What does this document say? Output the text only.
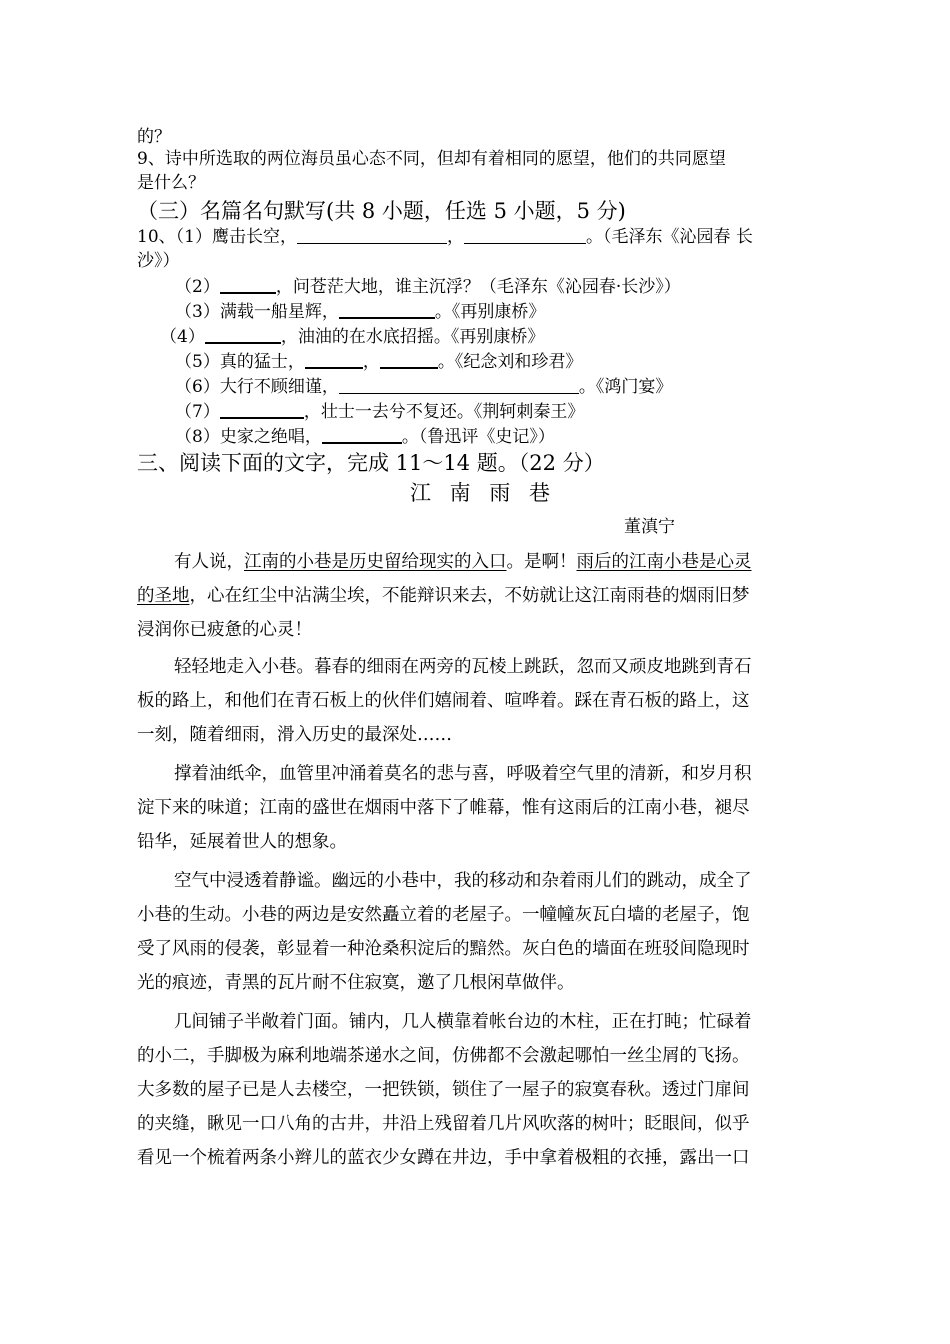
的？
9、诗中所选取的两位海员虽心态不同，但却有着相同的愿望，他们的共同愿望
是什么？
（三）名篇名句默写(共 8 小题，任选 5 小题，5 分)
10、（1）鹰击长空，	，	。（毛泽东《沁园春 长
沙》）
（2）	，问苍茫大地，谁主沉浮？（毛泽东《沁园春·长沙》）
（3）满载一船星辉，	。《再别康桥》
（4）	，油油的在水底招摇。《再别康桥》
（5）真的猛士，	，	。《纪念刘和珍君》
（6）大行不顾细谨，	。《鸿门宴》
（7）	，壮士一去兮不复还。《荆轲刺秦王》
（8）史家之绝唱，	。（鲁迅评《史记》）
三、阅读下面的文字，完成 11～14 题。（22 分）
江 南 雨 巷
董滇宁
有人说，江南的小巷是历史留给现实的入口。是啊！雨后的江南小巷是心灵
的圣地，心在红尘中沾满尘埃，不能辩识来去，不妨就让这江南雨巷的烟雨旧梦
浸润你已疲惫的心灵！
轻轻地走入小巷。暮春的细雨在两旁的瓦棱上跳跃，忽而又顽皮地跳到青石
板的路上，和他们在青石板上的伙伴们嬉闹着、喧哗着。踩在青石板的路上，这
一刻，随着细雨，滑入历史的最深处……
撑着油纸伞，血管里冲涌着莫名的悲与喜，呼吸着空气里的清新，和岁月积
淀下来的味道；江南的盛世在烟雨中落下了帷幕，惟有这雨后的江南小巷，褪尽
铅华，延展着世人的想象。
空气中浸透着静谧。幽远的小巷中，我的移动和杂着雨儿们的跳动，成全了
小巷的生动。小巷的两边是安然矗立着的老屋子。一幢幢灰瓦白墙的老屋子，饱
受了风雨的侵袭，彰显着一种沧桑积淀后的黯然。灰白色的墙面在班驳间隐现时
光的痕迹，青黑的瓦片耐不住寂寞，邀了几根闲草做伴。
几间铺子半敞着门面。铺内，几人横靠着帐台边的木柱，正在打盹；忙碌着
的小二，手脚极为麻利地端茶递水之间，仿佛都不会激起哪怕一丝尘屑的飞扬。
大多数的屋子已是人去楼空，一把铁锁，锁住了一屋子的寂寞春秋。透过门扉间
的夹缝，瞅见一口八角的古井，井沿上残留着几片风吹落的树叶；眨眼间，似乎
看见一个梳着两条小辫儿的蓝衣少女蹲在井边，手中拿着极粗的衣捶，露出一口
